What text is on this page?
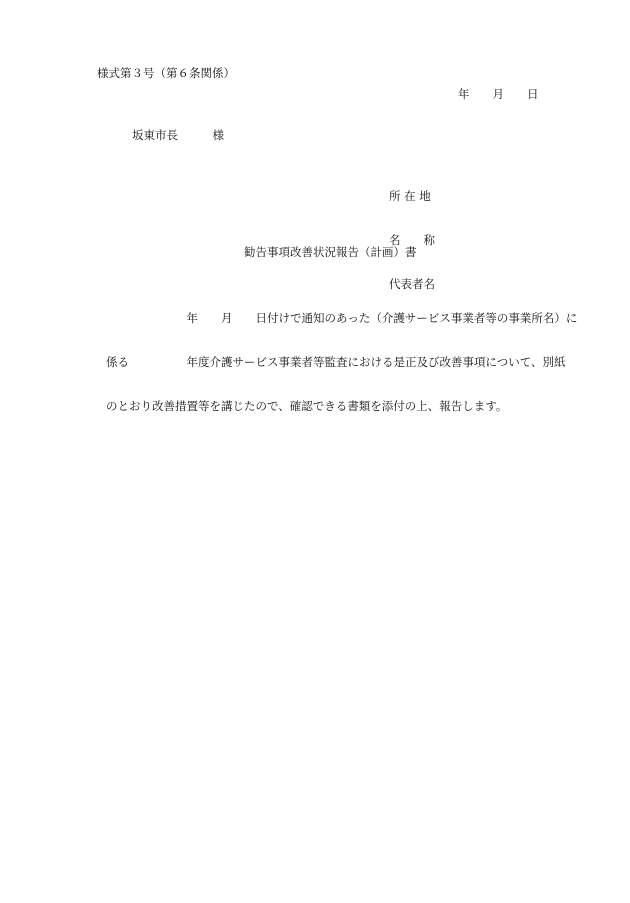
様式第３号（第６条関係）
年　　月　　日
坂東市長　　　様

所 在 地

名　　称

代表者名

勧告事項改善状況報告（計画）書

　　　　　　　年　　月　　日付けで通知のあった（介護サービス事業者等の事業所名）に

係る　　　　　年度介護サービス事業者等監査における是正及び改善事項について、別紙

のとおり改善措置等を講じたので、確認できる書類を添付の上、報告します。
